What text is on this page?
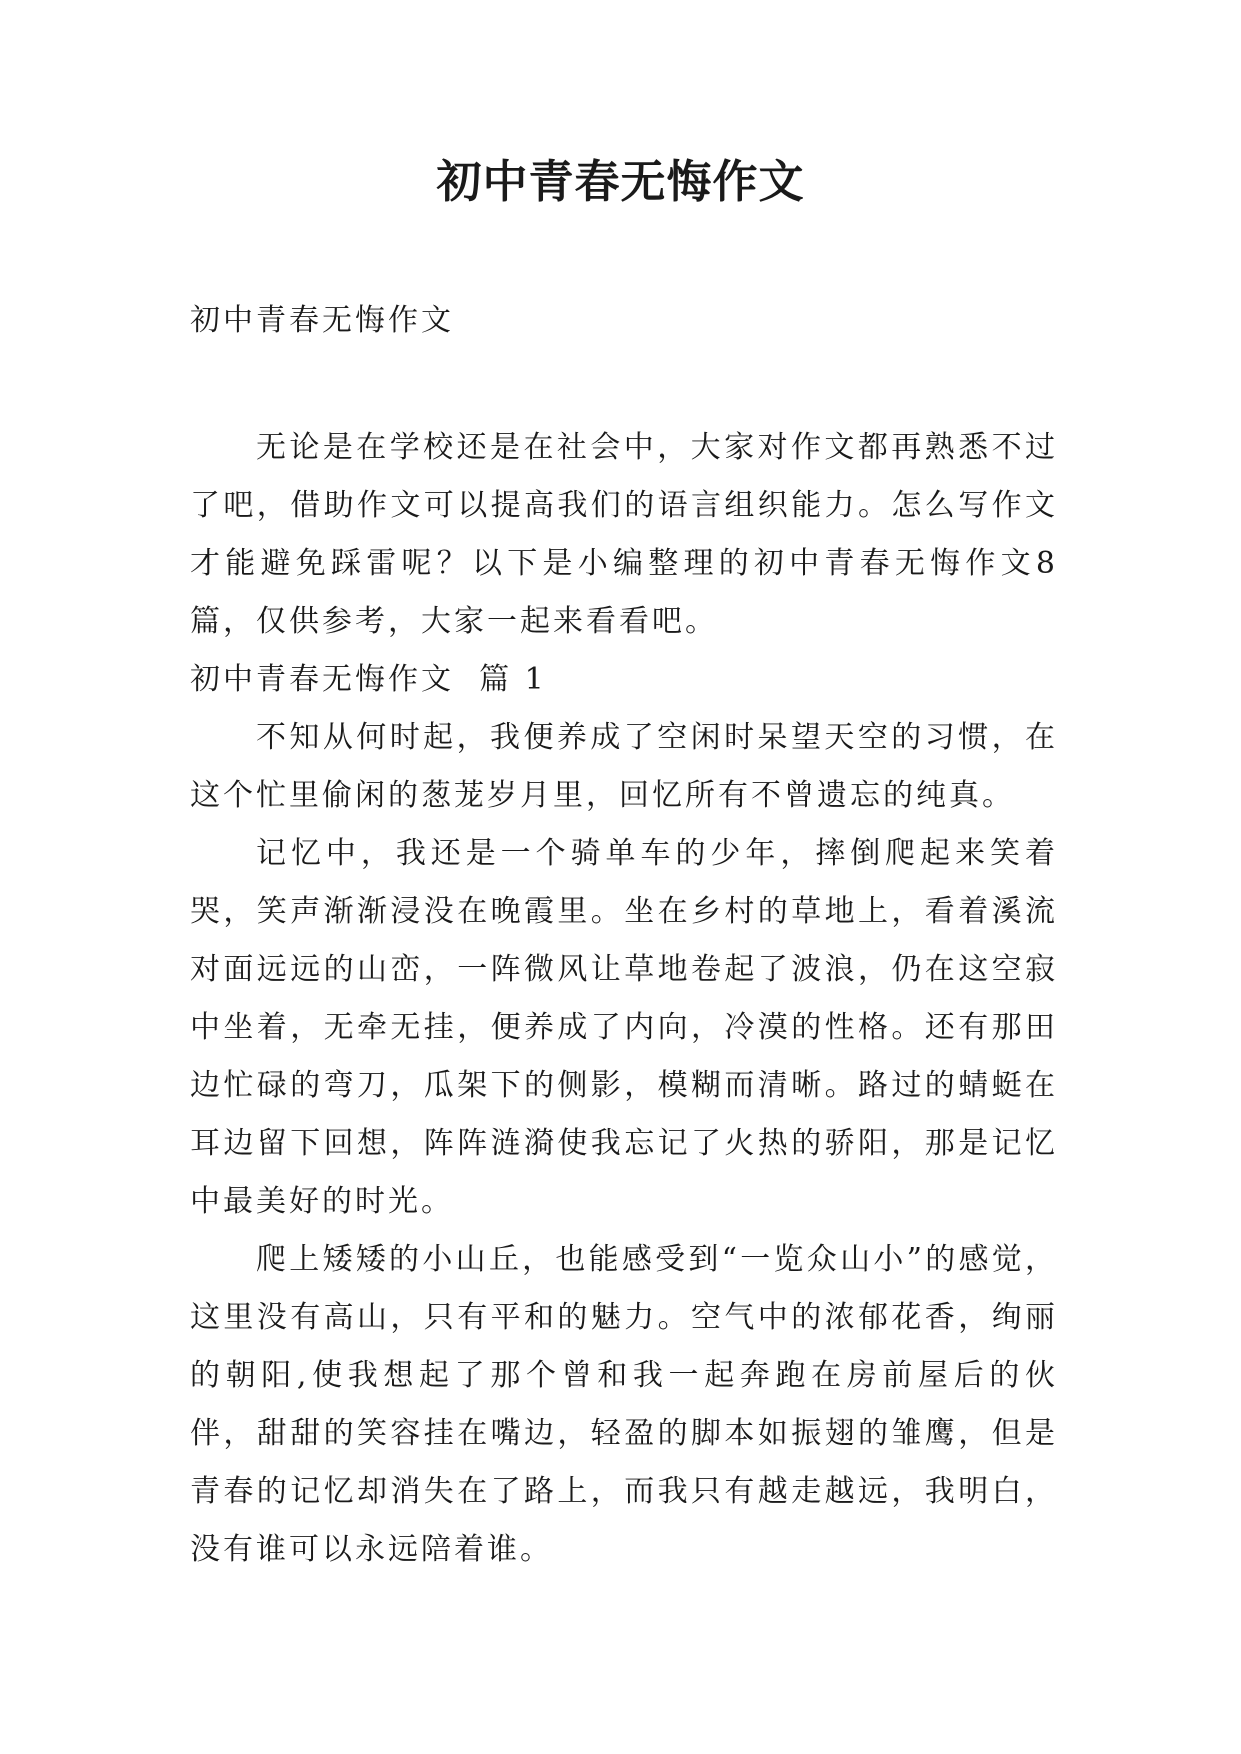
初中青春无悔作文

初中青春无悔作文

无论是在学校还是在社会中，大家对作文都再熟悉不过了吧，借助作文可以提高我们的语言组织能力。怎么写作文才能避免踩雷呢？以下是小编整理的初中青春无悔作文8篇，仅供参考，大家一起来看看吧。

初中青春无悔作文  篇 1

不知从何时起，我便养成了空闲时呆望天空的习惯，在这个忙里偷闲的葱茏岁月里，回忆所有不曾遗忘的纯真。

记忆中，我还是一个骑单车的少年，摔倒爬起来笑着哭，笑声渐渐浸没在晚霞里。坐在乡村的草地上，看着溪流对面远远的山峦，一阵微风让草地卷起了波浪，仍在这空寂中坐着，无牵无挂，便养成了内向，冷漠的性格。还有那田边忙碌的弯刀，瓜架下的侧影，模糊而清晰。路过的蜻蜓在耳边留下回想，阵阵涟漪使我忘记了火热的骄阳，那是记忆中最美好的时光。

爬上矮矮的小山丘，也能感受到“一览众山小”的感觉，这里没有高山，只有平和的魅力。空气中的浓郁花香，绚丽的朝阳,使我想起了那个曾和我一起奔跑在房前屋后的伙伴，甜甜的笑容挂在嘴边，轻盈的脚本如振翅的雏鹰，但是青春的记忆却消失在了路上，而我只有越走越远，我明白，没有谁可以永远陪着谁。
